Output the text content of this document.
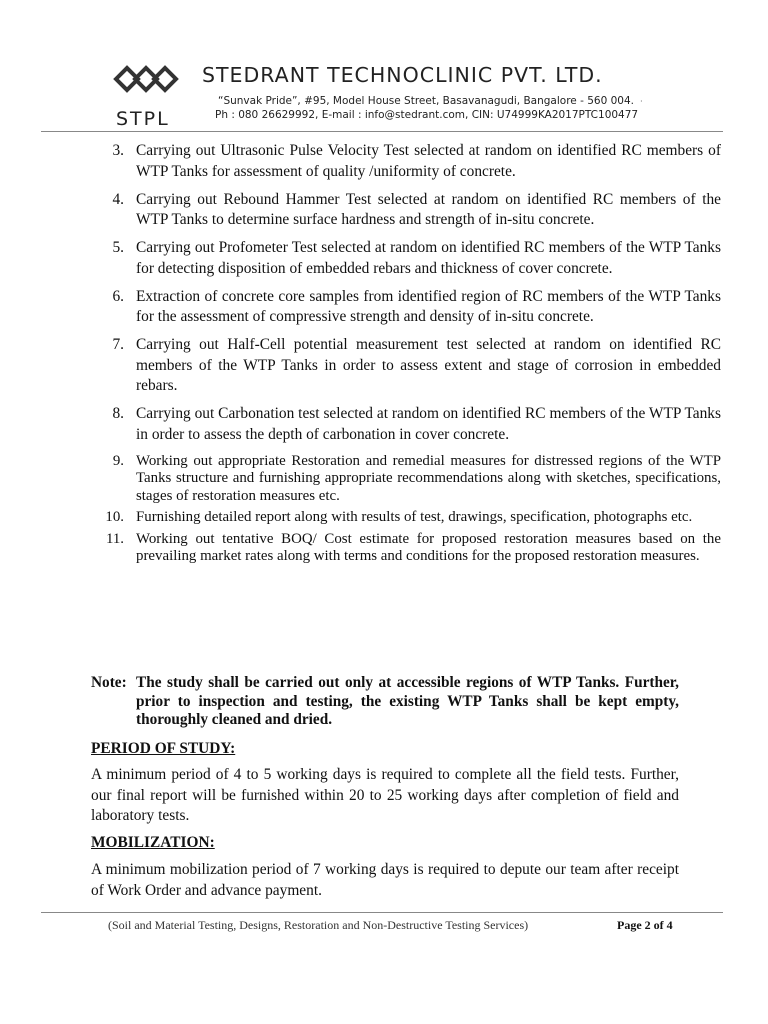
STPL
STEDRANT TECHNOCLINIC PVT. LTD.
“Sunvak Pride”, #95, Model House Street, Basavanagudi, Bangalore - 560 004. ·
Ph : 080 26629992, E-mail : info@stedrant.com, CIN: U74999KA2017PTC100477
3. Carrying out Ultrasonic Pulse Velocity Test selected at random on identified RC members of WTP Tanks for assessment of quality /uniformity of concrete.
4. Carrying out Rebound Hammer Test selected at random on identified RC members of the WTP Tanks to determine surface hardness and strength of in-situ concrete.
5. Carrying out Profometer Test selected at random on identified RC members of the WTP Tanks for detecting disposition of embedded rebars and thickness of cover concrete.
6. Extraction of concrete core samples from identified region of RC members of the WTP Tanks for the assessment of compressive strength and density of in-situ concrete.
7. Carrying out Half-Cell potential measurement test selected at random on identified RC members of the WTP Tanks in order to assess extent and stage of corrosion in embedded rebars.
8. Carrying out Carbonation test selected at random on identified RC members of the WTP Tanks in order to assess the depth of carbonation in cover concrete.
9. Working out appropriate Restoration and remedial measures for distressed regions of the WTP Tanks structure and furnishing appropriate recommendations along with sketches, specifications, stages of restoration measures etc.
10. Furnishing detailed report along with results of test, drawings, specification, photographs etc.
11. Working out tentative BOQ/ Cost estimate for proposed restoration measures based on the prevailing market rates along with terms and conditions for the proposed restoration measures.
Note: The study shall be carried out only at accessible regions of WTP Tanks. Further, prior to inspection and testing, the existing WTP Tanks shall be kept empty, thoroughly cleaned and dried.
PERIOD OF STUDY:
A minimum period of 4 to 5 working days is required to complete all the field tests. Further, our final report will be furnished within 20 to 25 working days after completion of field and laboratory tests.
MOBILIZATION:
A minimum mobilization period of 7 working days is required to depute our team after receipt of Work Order and advance payment.
(Soil and Material Testing, Designs, Restoration and Non-Destructive Testing Services)	Page 2 of 4
